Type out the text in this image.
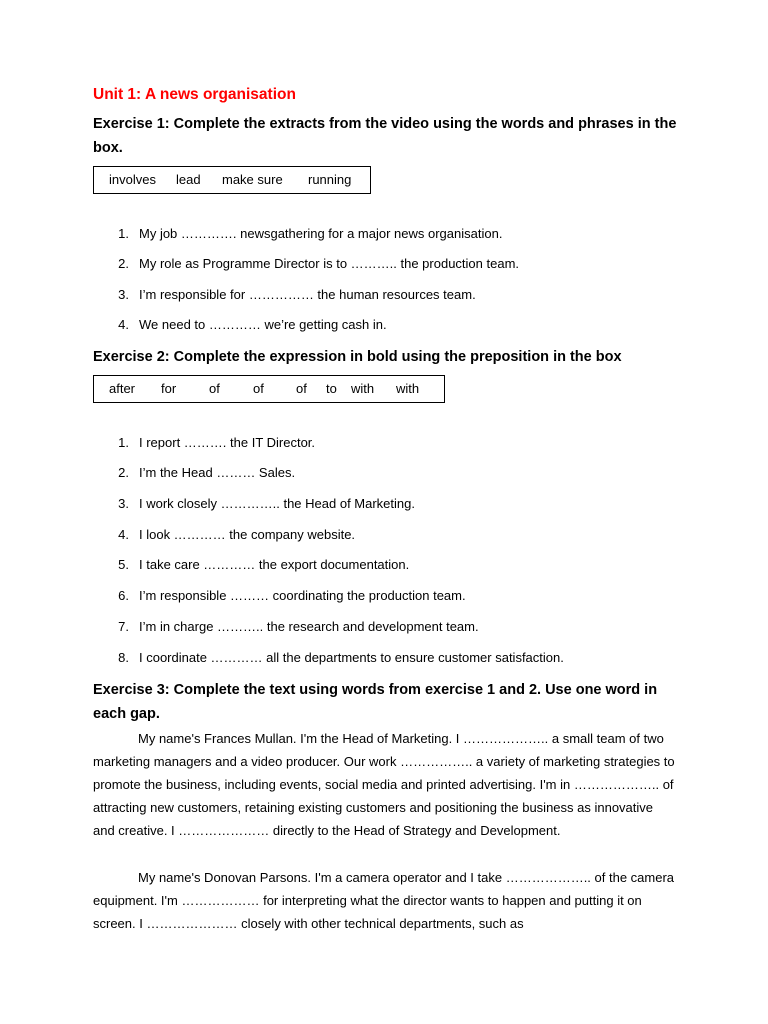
Unit 1: A news organisation
Exercise 1: Complete the extracts from the video using the words and phrases in the box.
involves lead make sure running
1. My job …………. newsgathering for a major news organisation.
2. My role as Programme Director is to ……….. the production team.
3. I’m responsible for …………… the human resources team.
4. We need to ………… we’re getting cash in.
Exercise 2: Complete the expression in bold using the preposition in the box
after for	of	of of to with with
1. I report ………. the IT Director.
2. I’m the Head ……… Sales.
3. I work closely ………….. the Head of Marketing.
4. I look ………… the company website.
5. I take care ………… the export documentation.
6. I’m responsible ……… coordinating the production team.
7. I’m in charge ……….. the research and development team.
8. I coordinate ………… all the departments to ensure customer satisfaction.
Exercise 3: Complete the text using words from exercise 1 and 2. Use one word in each gap.

My name's Frances Mullan. I'm the Head of Marketing. I ……………….. a small team of two marketing managers and a video producer. Our work …………….. a variety of marketing strategies to promote the business, including events, social media and printed advertising. I'm in ……………….. of attracting new customers, retaining existing customers and positioning the business as innovative and creative. I ………………… directly to the Head of Strategy and Development.

My name's Donovan Parsons. I'm a camera operator and I take ……………….. of the camera equipment. I'm ……………… for interpreting what the director wants to happen and putting it on screen. I ………………… closely with other technical departments, such as
